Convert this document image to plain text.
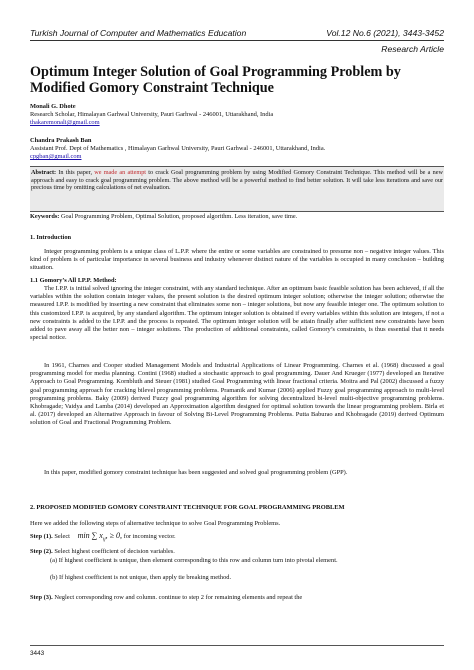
Turkish Journal of Computer and Mathematics Education	Vol.12 No.6 (2021), 3443-3452
Research Article
Optimum Integer Solution of Goal Programming Problem by Modified Gomory Constraint Technique
Monali G. Dhote
Research Scholar, Himalayan Garhwal University, Pauri Garhwal - 246001, Uttarakhand, India
thakaremonali@gmail.com
Chandra Prakash Ban
Assistant Prof. Dept of Mathematics , Himalayan Garhwal University, Pauri Garhwal - 246001, Uttarakhand, India.
cpgban@gmail.com
Abstract: In this paper, we made an attempt to crack Goal programming problem by using Modified Gomory Constraint Technique. This method will be a new approach and easy to crack goal programming problem. The above method will be a powerful method to find better solution. It will take less iterations and save our precious time by omitting calculations of net evaluation.
Keywords: Goal Programming Problem, Optimal Solution, proposed algorithm. Less iteration, save time.
1. Introduction
Integer programming problem is a unique class of L.P.P. where the entire or some variables are constrained to presume non – negative integer values. This kind of problem is of particular importance in several business and industry whenever distinct nature of the variables is occupied in many conclusion – building situation.
1.1 Gomory’s All I.P.P. Method:
The I.P.P. is initial solved ignoring the integer constraint, with any standard technique. After an optimum basic feasible solution has been achieved, if all the variables within the solution contain integer values, the present solution is the desired optimum integer solution; otherwise the integer solution; otherwise the measured I.P.P. is modified by inserting a new constraint that eliminates some non – integer solutions, but now any feasible integer one. The optimum solution to this customized I.P.P. is acquired, by any standard algorithm. The optimum integer solution is obtained if every variables within this solution are integers, if not a new constraints is added to the I.P.P. and the process is repeated. The optimum integer solution will be attain finally after sufficient new constraints have been added to pave away all the better non – integer solutions. The production of additional constraints, called Gomory’s constraints, is thus essential that it needs special notice.
In 1961, Charnes and Cooper studied Management Models and Industrial Applications of Linear Programming. Charnes et al. (1968) discussed a goal programming model for media planning. Contini (1968) studied a stochastic approach to goal programming. Dauer And Krueger (1977) developed an Iterative Approach to Goal Programming. Kornbluth and Steuer (1981) studied Goal Programming with linear fractional criteria. Moitra and Pal (2002) discussed a fuzzy goal programming approach for cracking bilevel programming problems. Pramanik and Kumar (2006) applied Fuzzy goal programming approach to multi-level programming problems. Baky (2009) derived Fuzzy goal programming algorithm for solving decentralized bi-level multi-objective programming problems. Khobragade; Vaidya and Lamba (2014) developed an Approximation algorithm designed for optimal solution towards the linear programming problem. Birla et al. (2017) developed an Alternative Approach in favour of Solving Bi-Level Programming Problems. Putta Baburao and Khobragade (2019) derived Optimum solution of Goal and Fractional Programming Problem.
In this paper, modified gomory constraint technique has been suggested and solved goal programming problem (GPP).
2. PROPOSED MODIFIED GOMORY CONSTRAINT TECHNIQUE FOR GOAL PROGRAMMING PROBLEM
Here we added the following steps of alternative technique to solve Goal Programming Problems.
Step (1). Select min ∑ $x_{ij}$, ≥ 0, for incoming vector.
Step (2). Select highest coefficient of decision variables.
(a) If highest coefficient is unique, then element corresponding to this row and column turn into pivotal element.
(b) If highest coefficient is not unique, then apply tie breaking method.
Step (3). Neglect corresponding row and column. continue to step 2 for remaining elements and repeat the
3443
